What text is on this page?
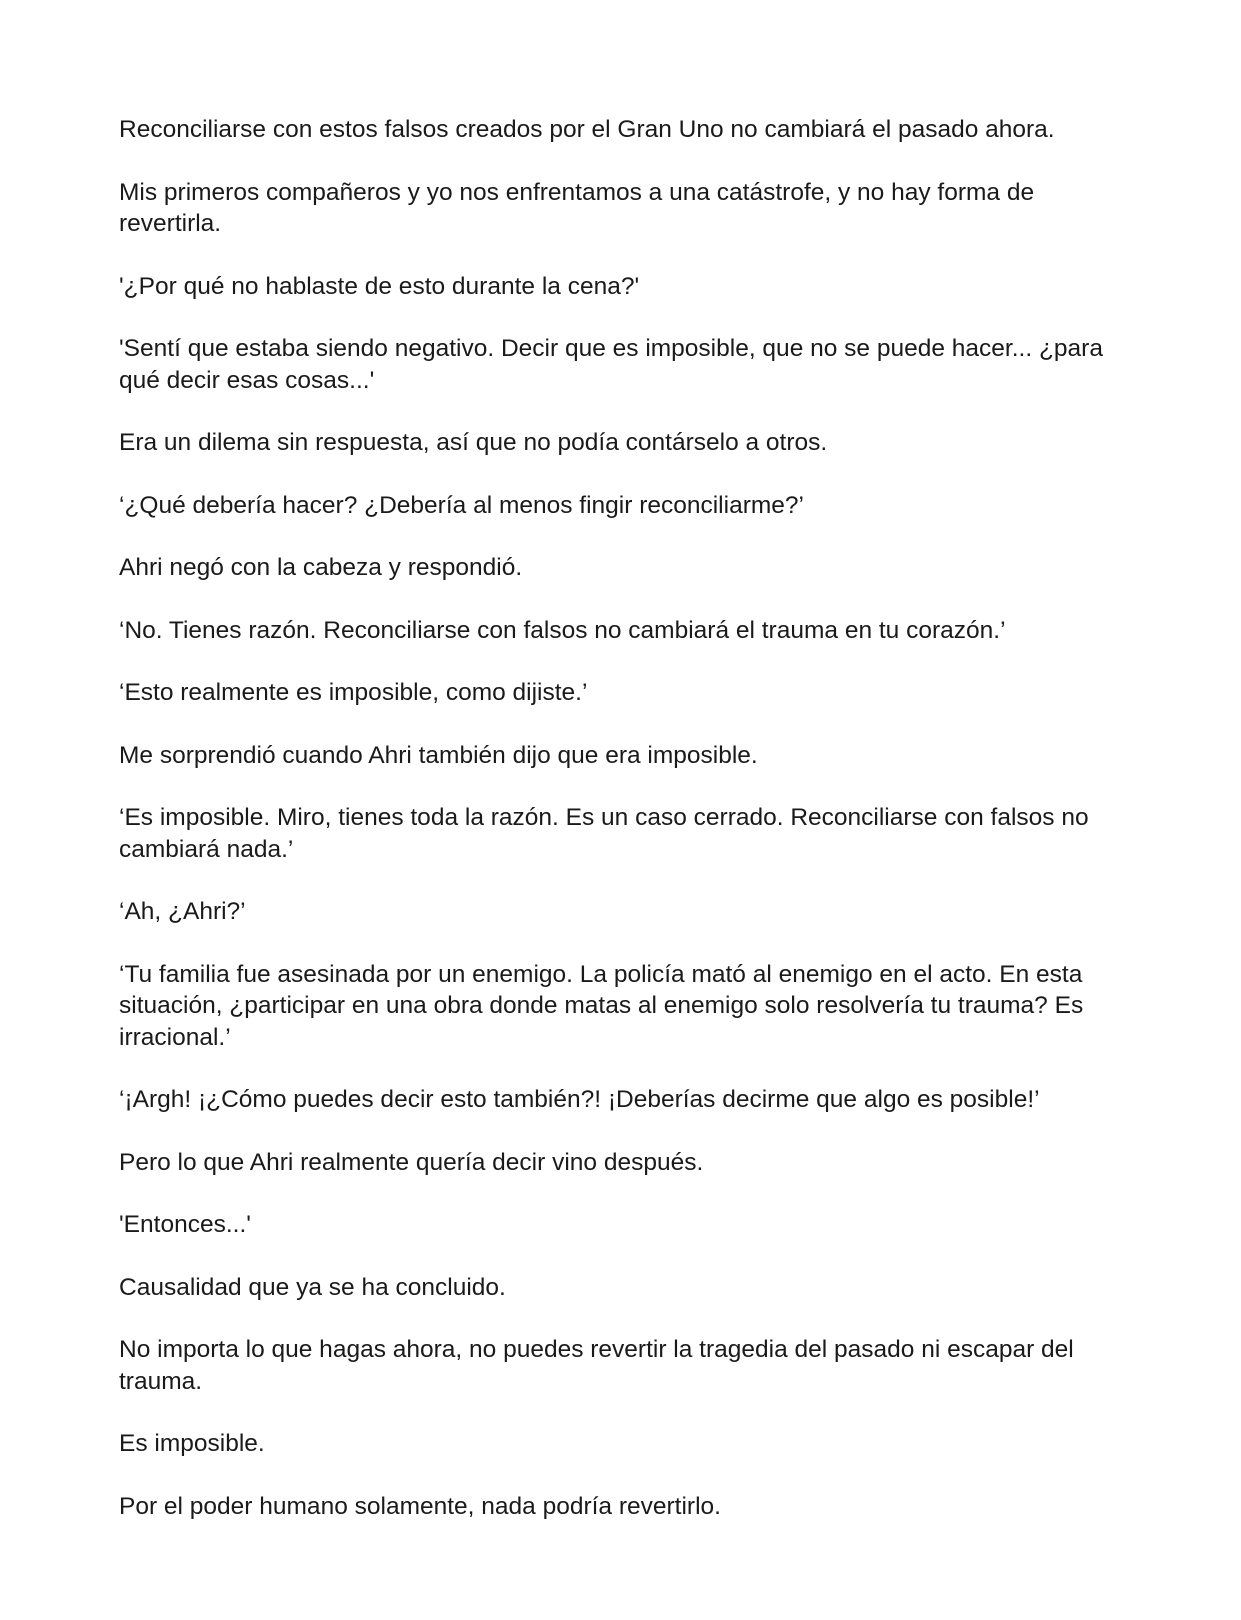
Reconciliarse con estos falsos creados por el Gran Uno no cambiará el pasado ahora.

Mis primeros compañeros y yo nos enfrentamos a una catástrofe, y no hay forma de revertirla.

'¿Por qué no hablaste de esto durante la cena?'

'Sentí que estaba siendo negativo. Decir que es imposible, que no se puede hacer... ¿para qué decir esas cosas...'

Era un dilema sin respuesta, así que no podía contárselo a otros.

‘¿Qué debería hacer? ¿Debería al menos fingir reconciliarme?’

Ahri negó con la cabeza y respondió.

‘No. Tienes razón. Reconciliarse con falsos no cambiará el trauma en tu corazón.’

‘Esto realmente es imposible, como dijiste.’

Me sorprendió cuando Ahri también dijo que era imposible.

‘Es imposible. Miro, tienes toda la razón. Es un caso cerrado. Reconciliarse con falsos no cambiará nada.’

‘Ah, ¿Ahri?’

‘Tu familia fue asesinada por un enemigo. La policía mató al enemigo en el acto. En esta situación, ¿participar en una obra donde matas al enemigo solo resolvería tu trauma? Es irracional.’

‘¡Argh! ¡¿Cómo puedes decir esto también?! ¡Deberías decirme que algo es posible!’

Pero lo que Ahri realmente quería decir vino después.

'Entonces...'

Causalidad que ya se ha concluido.

No importa lo que hagas ahora, no puedes revertir la tragedia del pasado ni escapar del trauma.

Es imposible.

Por el poder humano solamente, nada podría revertirlo.
